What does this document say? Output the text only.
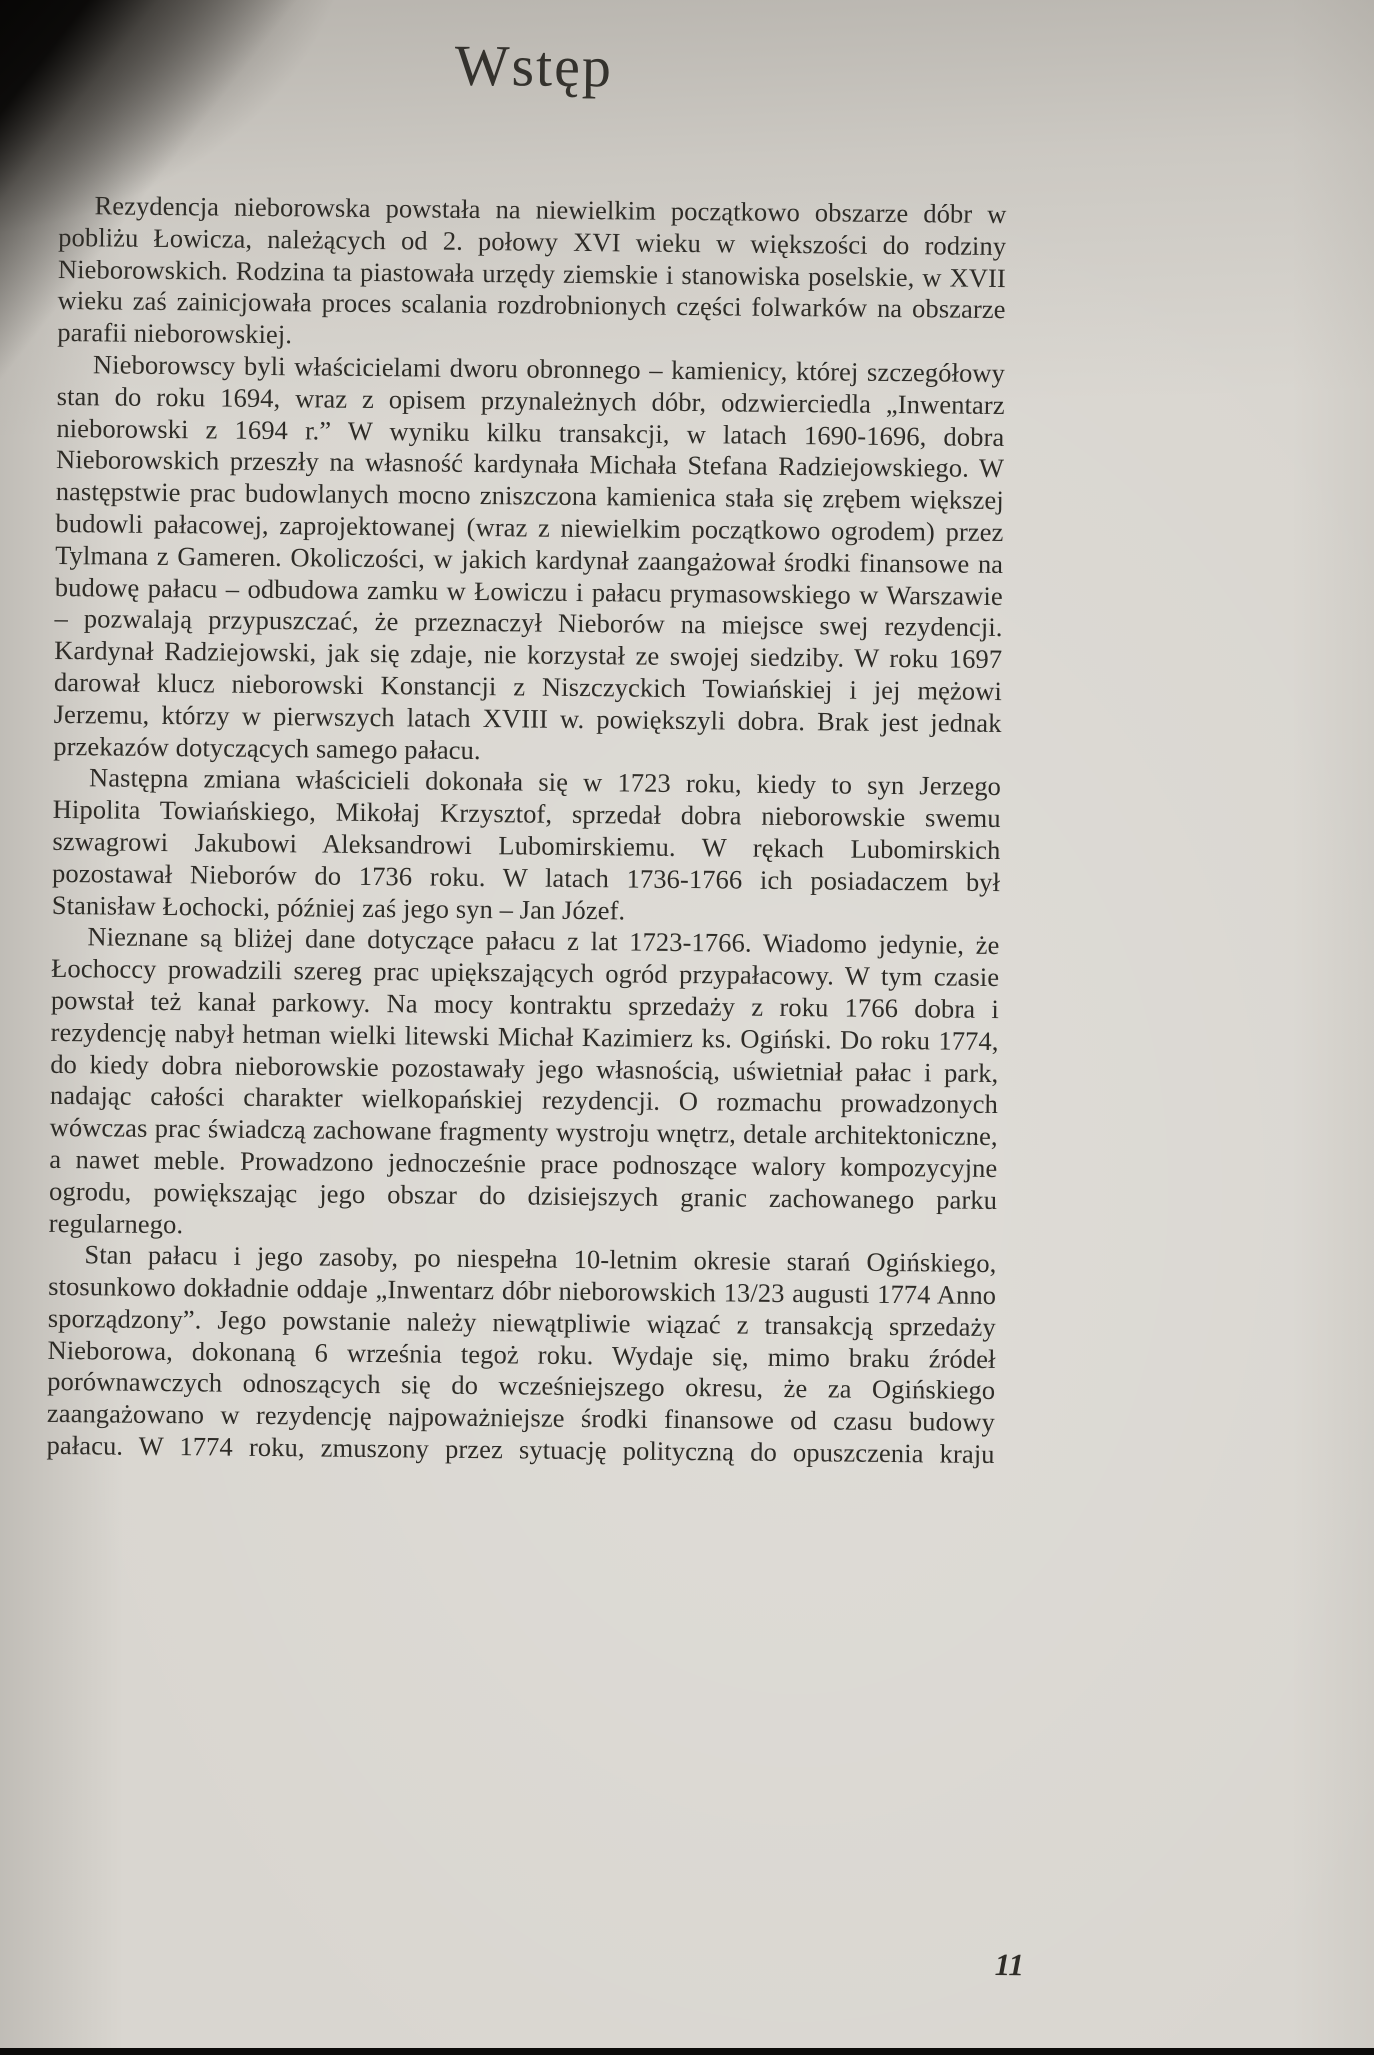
Wstęp

Rezydencja nieborowska powstała na niewielkim początkowo obszarze dóbr w pobliżu Łowicza, należących od 2. połowy XVI wieku w większości do rodziny Nieborowskich. Rodzina ta piastowała urzędy ziemskie i stanowiska poselskie, w XVII wieku zaś zainicjowała proces scalania rozdrobnionych części folwarków na obszarze parafii nieborowskiej.

Nieborowscy byli właścicielami dworu obronnego – kamienicy, której szczegółowy stan do roku 1694, wraz z opisem przynależnych dóbr, odzwierciedla „Inwentarz nieborowski z 1694 r.” W wyniku kilku transakcji, w latach 1690-1696, dobra Nieborowskich przeszły na własność kardynała Michała Stefana Radziejowskiego. W następstwie prac budowlanych mocno zniszczona kamienica stała się zrębem większej budowli pałacowej, zaprojektowanej (wraz z niewielkim początkowo ogrodem) przez Tylmana z Gameren. Okoliczości, w jakich kardynał zaangażował środki finansowe na budowę pałacu – odbudowa zamku w Łowiczu i pałacu prymasowskiego w Warszawie – pozwalają przypuszczać, że przeznaczył Nieborów na miejsce swej rezydencji. Kardynał Radziejowski, jak się zdaje, nie korzystał ze swojej siedziby. W roku 1697 darował klucz nieborowski Konstancji z Niszczyckich Towiańskiej i jej mężowi Jerzemu, którzy w pierwszych latach XVIII w. powiększyli dobra. Brak jest jednak przekazów dotyczących samego pałacu.

Następna zmiana właścicieli dokonała się w 1723 roku, kiedy to syn Jerzego Hipolita Towiańskiego, Mikołaj Krzysztof, sprzedał dobra nieborowskie swemu szwagrowi Jakubowi Aleksandrowi Lubomirskiemu. W rękach Lubomirskich pozostawał Nieborów do 1736 roku. W latach 1736-1766 ich posiadaczem był Stanisław Łochocki, później zaś jego syn – Jan Józef.

Nieznane są bliżej dane dotyczące pałacu z lat 1723-1766. Wiadomo jedynie, że Łochoccy prowadzili szereg prac upiększających ogród przypałacowy. W tym czasie powstał też kanał parkowy. Na mocy kontraktu sprzedaży z roku 1766 dobra i rezydencję nabył hetman wielki litewski Michał Kazimierz ks. Ogiński. Do roku 1774, do kiedy dobra nieborowskie pozostawały jego własnością, uświetniał pałac i park, nadając całości charakter wielkopańskiej rezydencji. O rozmachu prowadzonych wówczas prac świadczą zachowane fragmenty wystroju wnętrz, detale architektoniczne, a nawet meble. Prowadzono jednocześnie prace podnoszące walory kompozycyjne ogrodu, powiększając jego obszar do dzisiejszych granic zachowanego parku regularnego.

Stan pałacu i jego zasoby, po niespełna 10-letnim okresie starań Ogińskiego, stosunkowo dokładnie oddaje „Inwentarz dóbr nieborowskich 13/23 augusti 1774 Anno sporządzony”. Jego powstanie należy niewątpliwie wiązać z transakcją sprzedaży Nieborowa, dokonaną 6 września tegoż roku. Wydaje się, mimo braku źródeł porównawczych odnoszących się do wcześniejszego okresu, że za Ogińskiego zaangażowano w rezydencję najpoważniejsze środki finansowe od czasu budowy pałacu. W 1774 roku, zmuszony przez sytuację polityczną do opuszczenia kraju

11
